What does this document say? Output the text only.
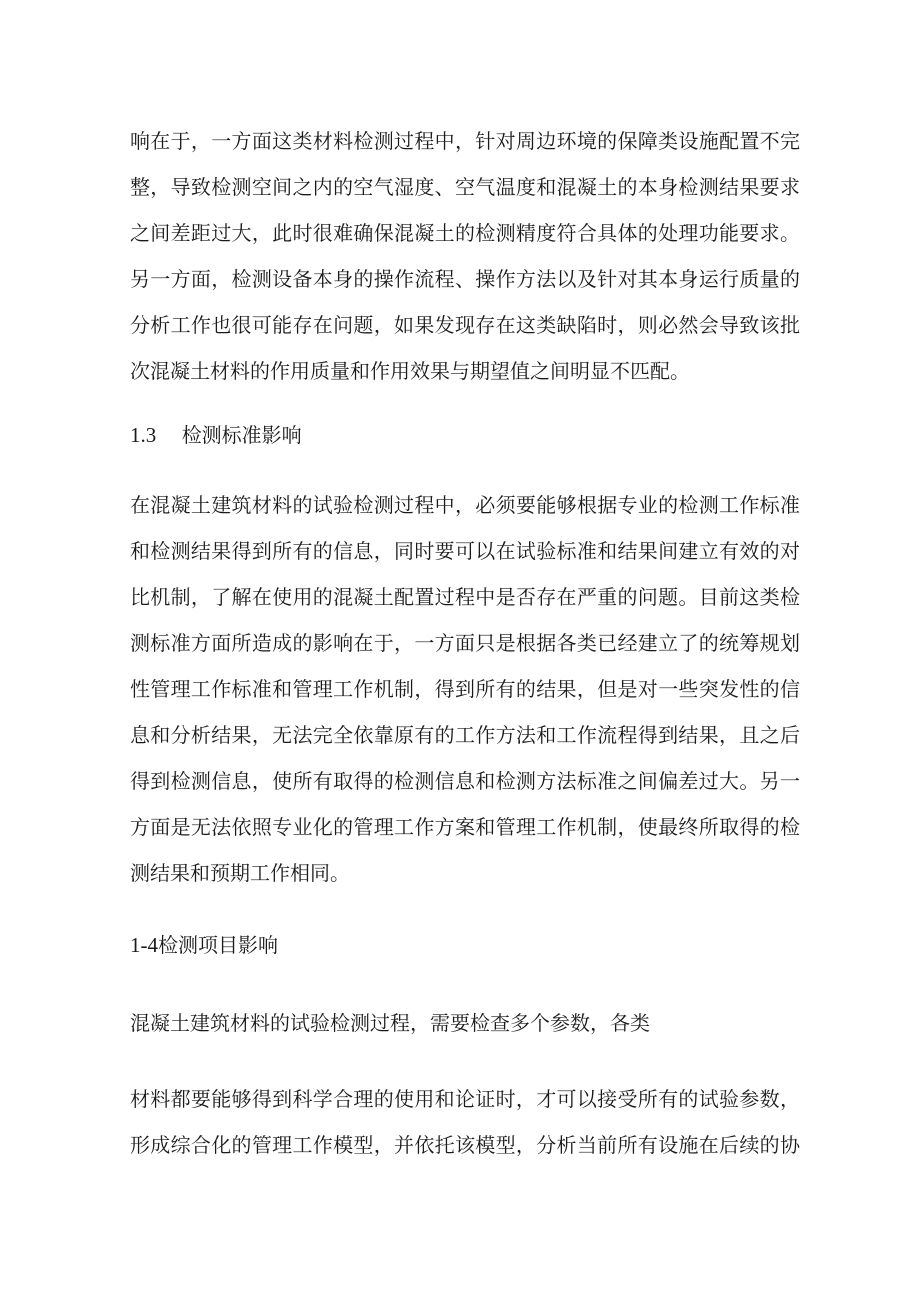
响在于，一方面这类材料检测过程中，针对周边环境的保障类设施配置不完
整，导致检测空间之内的空气湿度、空气温度和混凝土的本身检测结果要求
之间差距过大，此时很难确保混凝土的检测精度符合具体的处理功能要求。
另一方面，检测设备本身的操作流程、操作方法以及针对其本身运行质量的
分析工作也很可能存在问题，如果发现存在这类缺陷时，则必然会导致该批
次混凝土材料的作用质量和作用效果与期望值之间明显不匹配。
1.3 检测标准影响
在混凝土建筑材料的试验检测过程中，必须要能够根据专业的检测工作标准
和检测结果得到所有的信息，同时要可以在试验标准和结果间建立有效的对
比机制，了解在使用的混凝土配置过程中是否存在严重的问题。目前这类检
测标准方面所造成的影响在于，一方面只是根据各类已经建立了的统筹规划
性管理工作标准和管理工作机制，得到所有的结果，但是对一些突发性的信
息和分析结果，无法完全依靠原有的工作方法和工作流程得到结果，且之后
得到检测信息，使所有取得的检测信息和检测方法标准之间偏差过大。另一
方面是无法依照专业化的管理工作方案和管理工作机制，使最终所取得的检
测结果和预期工作相同。
1-4检测项目影响
混凝土建筑材料的试验检测过程，需要检查多个参数，各类
材料都要能够得到科学合理的使用和论证时，才可以接受所有的试验参数，
形成综合化的管理工作模型，并依托该模型，分析当前所有设施在后续的协
